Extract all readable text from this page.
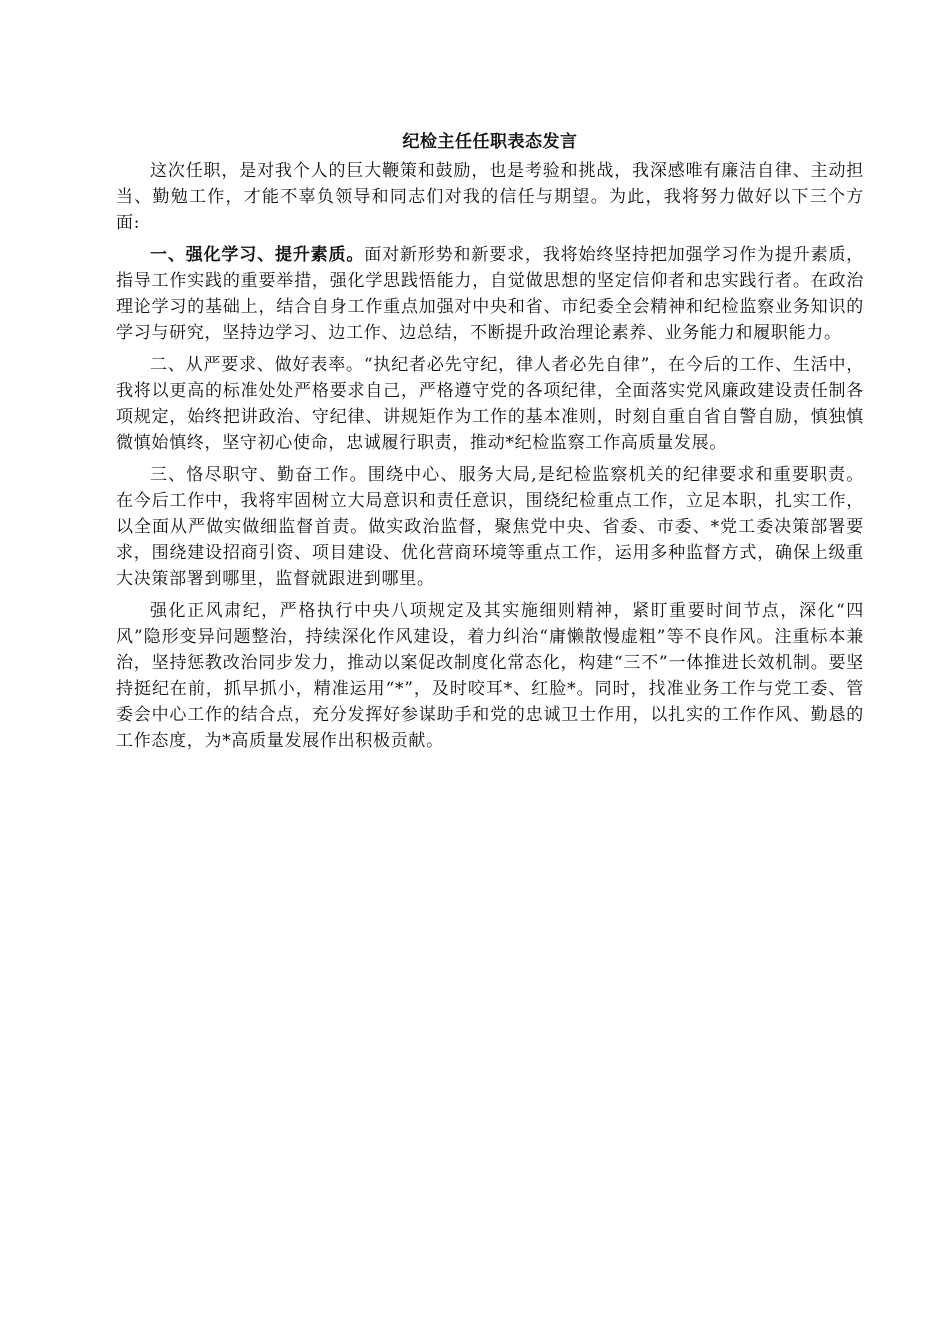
纪检主任任职表态发言

这次任职，是对我个人的巨大鞭策和鼓励，也是考验和挑战，我深感唯有廉洁自律、主动担当、勤勉工作，才能不辜负领导和同志们对我的信任与期望。为此，我将努力做好以下三个方面:

一、强化学习、提升素质。面对新形势和新要求，我将始终坚持把加强学习作为提升素质，指导工作实践的重要举措，强化学思践悟能力，自觉做思想的坚定信仰者和忠实践行者。在政治理论学习的基础上，结合自身工作重点加强对中央和省、市纪委全会精神和纪检监察业务知识的学习与研究，坚持边学习、边工作、边总结，不断提升政治理论素养、业务能力和履职能力。

二、从严要求、做好表率。“执纪者必先守纪，律人者必先自律”，在今后的工作、生活中，我将以更高的标准处处严格要求自己，严格遵守党的各项纪律，全面落实党风廉政建设责任制各项规定，始终把讲政治、守纪律、讲规矩作为工作的基本准则，时刻自重自省自警自励，慎独慎微慎始慎终，坚守初心使命，忠诚履行职责，推动*纪检监察工作高质量发展。

三、恪尽职守、勤奋工作。围绕中心、服务大局,是纪检监察机关的纪律要求和重要职责。在今后工作中，我将牢固树立大局意识和责任意识，围绕纪检重点工作，立足本职，扎实工作，以全面从严做实做细监督首责。做实政治监督，聚焦党中央、省委、市委、*党工委决策部署要求，围绕建设招商引资、项目建设、优化营商环境等重点工作，运用多种监督方式，确保上级重大决策部署到哪里，监督就跟进到哪里。

强化正风肃纪，严格执行中央八项规定及其实施细则精神，紧盯重要时间节点，深化“四风”隐形变异问题整治，持续深化作风建设，着力纠治“庸懒散慢虚粗”等不良作风。注重标本兼治，坚持惩教改治同步发力，推动以案促改制度化常态化，构建“三不”一体推进长效机制。要坚持挺纪在前，抓早抓小，精准运用“*”，及时咬耳*、红脸*。同时，找准业务工作与党工委、管委会中心工作的结合点，充分发挥好参谋助手和党的忠诚卫士作用，以扎实的工作作风、勤恳的工作态度，为*高质量发展作出积极贡献。
